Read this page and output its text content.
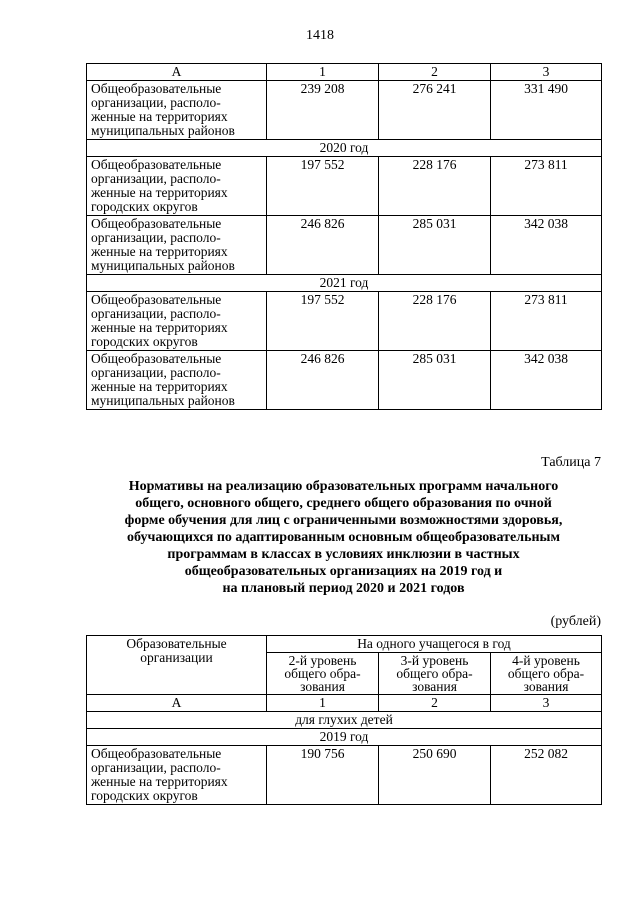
1418
А	1	2	3
Общеобразовательные организации, располо-женные на территориях муниципальных районов	239 208	276 241	331 490
2020 год			
Общеобразовательные организации, располо-женные на территориях городских округов	197 552	228 176	273 811
Общеобразовательные организации, располо-женные на территориях муниципальных районов	246 826	285 031	342 038
2021 год			
Общеобразовательные организации, располо-женные на территориях городских округов	197 552	228 176	273 811
Общеобразовательные организации, располо-женные на территориях муниципальных районов	246 826	285 031	342 038
Таблица 7
Нормативы на реализацию образовательных программ начального
общего, основного общего, среднего общего образования по очной
форме обучения для лиц с ограниченными возможностями здоровья,
обучающихся по адаптированным основным общеобразовательным
программам в классах в условиях инклюзии в частных
общеобразовательных организациях на 2019 год и
на плановый период 2020 и 2021 годов
(рублей)
Образовательные организации	На одного учащегося в год		
	2-й уровень общего обра-зования	3-й уровень общего обра-зования	4-й уровень общего обра-зования
А	1	2	3
для глухих детей			
2019 год			
Общеобразовательные организации, располо-женные на территориях городских округов	190 756	250 690	252 082
